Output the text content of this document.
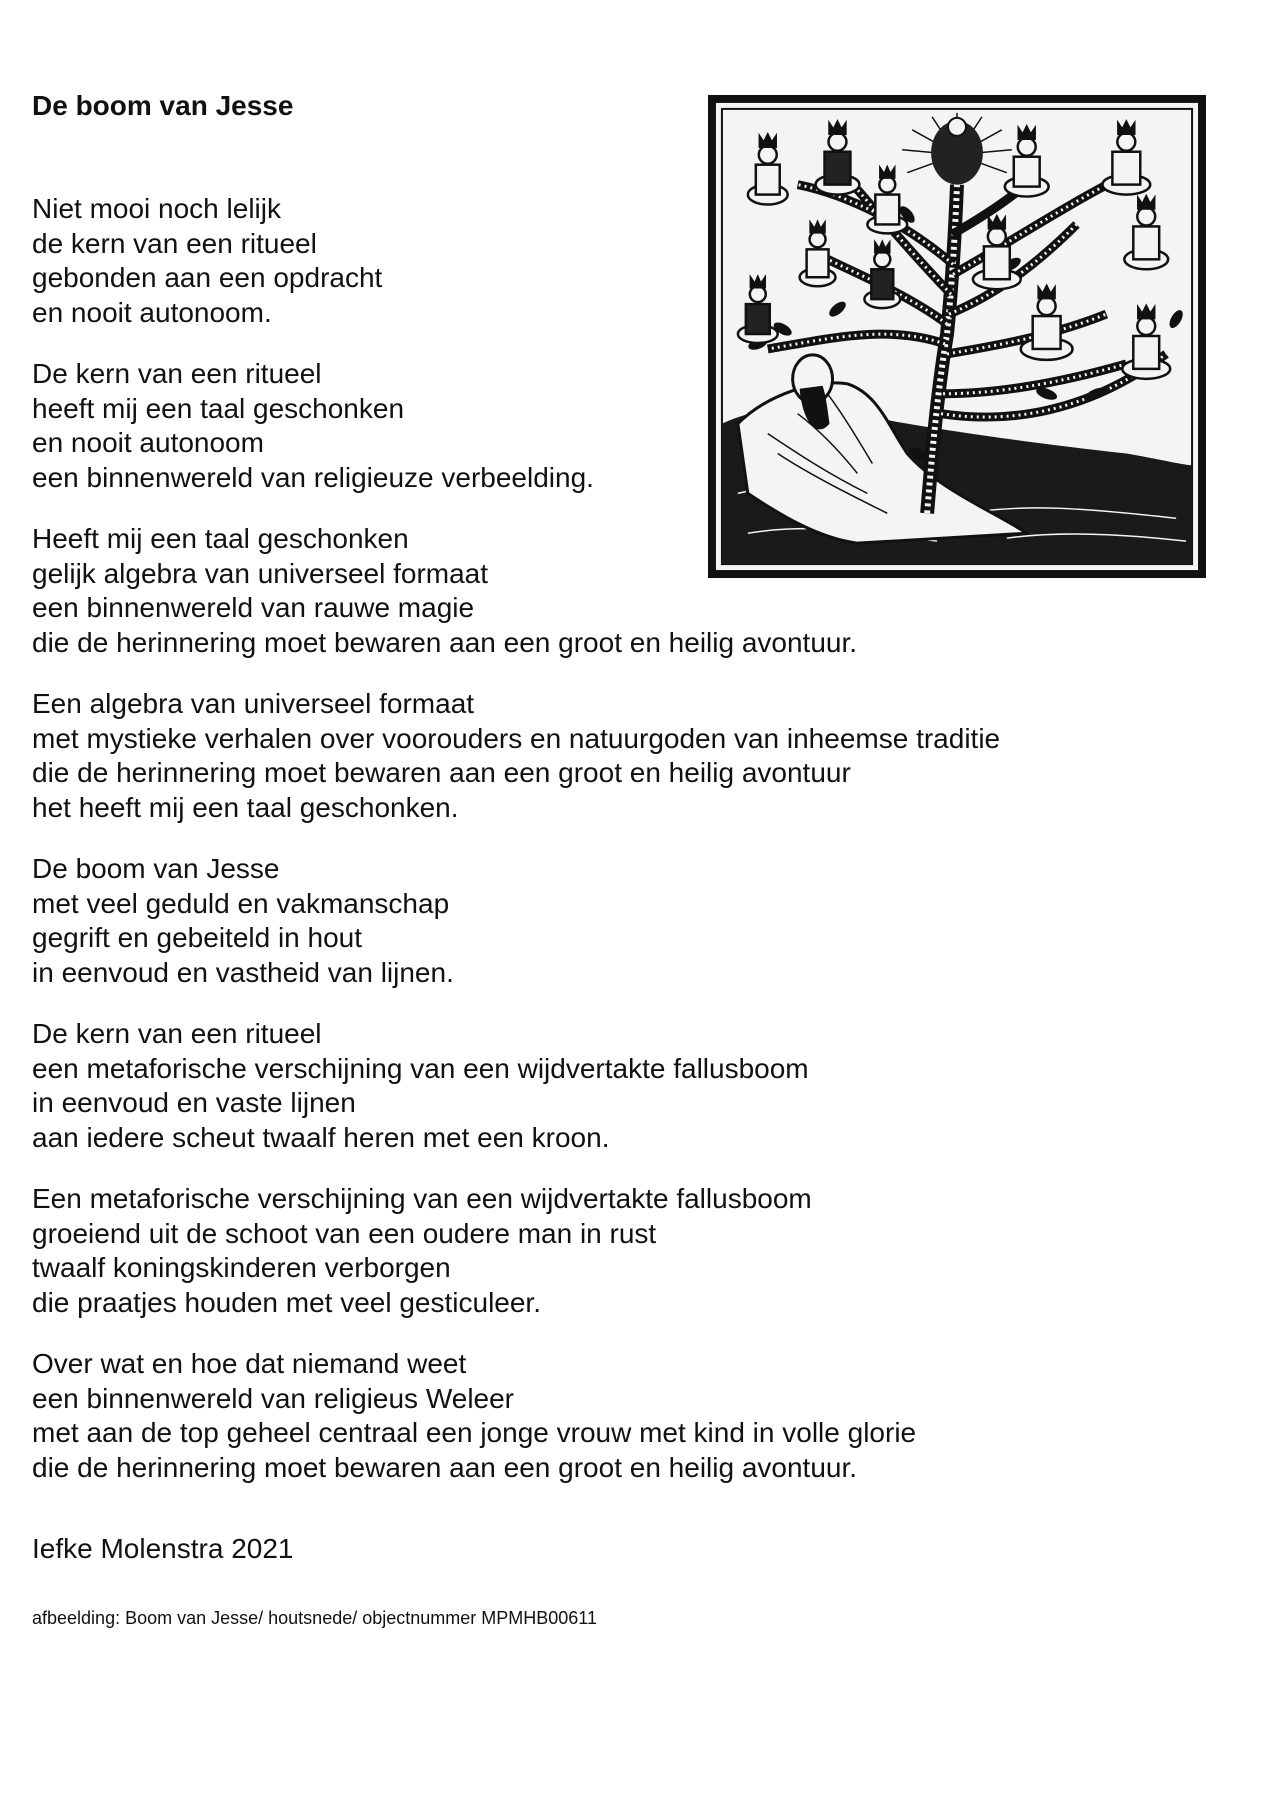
De boom van Jesse

Niet mooi noch lelijk
de kern van een ritueel
gebonden aan een opdracht
en nooit autonoom.

De kern van een ritueel
heeft mij een taal geschonken
en nooit autonoom
een binnenwereld van religieuze verbeelding.

Heeft mij een taal geschonken
gelijk algebra van universeel formaat
een binnenwereld van rauwe magie
die de herinnering moet bewaren aan een groot en heilig avontuur.

Een algebra van universeel formaat
met mystieke verhalen over voorouders en natuurgoden van inheemse traditie
die de herinnering moet bewaren aan een groot en heilig avontuur
het heeft mij een taal geschonken.

De boom van Jesse
met veel geduld en vakmanschap
gegrift en gebeiteld in hout
in eenvoud en vastheid van lijnen.

De kern van een ritueel
een metaforische verschijning van een wijdvertakte fallusboom
in eenvoud en vaste lijnen
aan iedere scheut twaalf heren met een kroon.

Een metaforische verschijning van een wijdvertakte fallusboom
groeiend uit de schoot van een oudere man in rust
twaalf koningskinderen verborgen
die praatjes houden met veel gesticuleer.

Over wat en hoe dat niemand weet
een binnenwereld van religieus Weleer
met aan de top geheel centraal een jonge vrouw met kind in volle glorie
die de herinnering moet bewaren aan een groot en heilig avontuur.

Iefke Molenstra 2021
afbeelding: Boom van Jesse/ houtsnede/ objectnummer MPMHB00611
